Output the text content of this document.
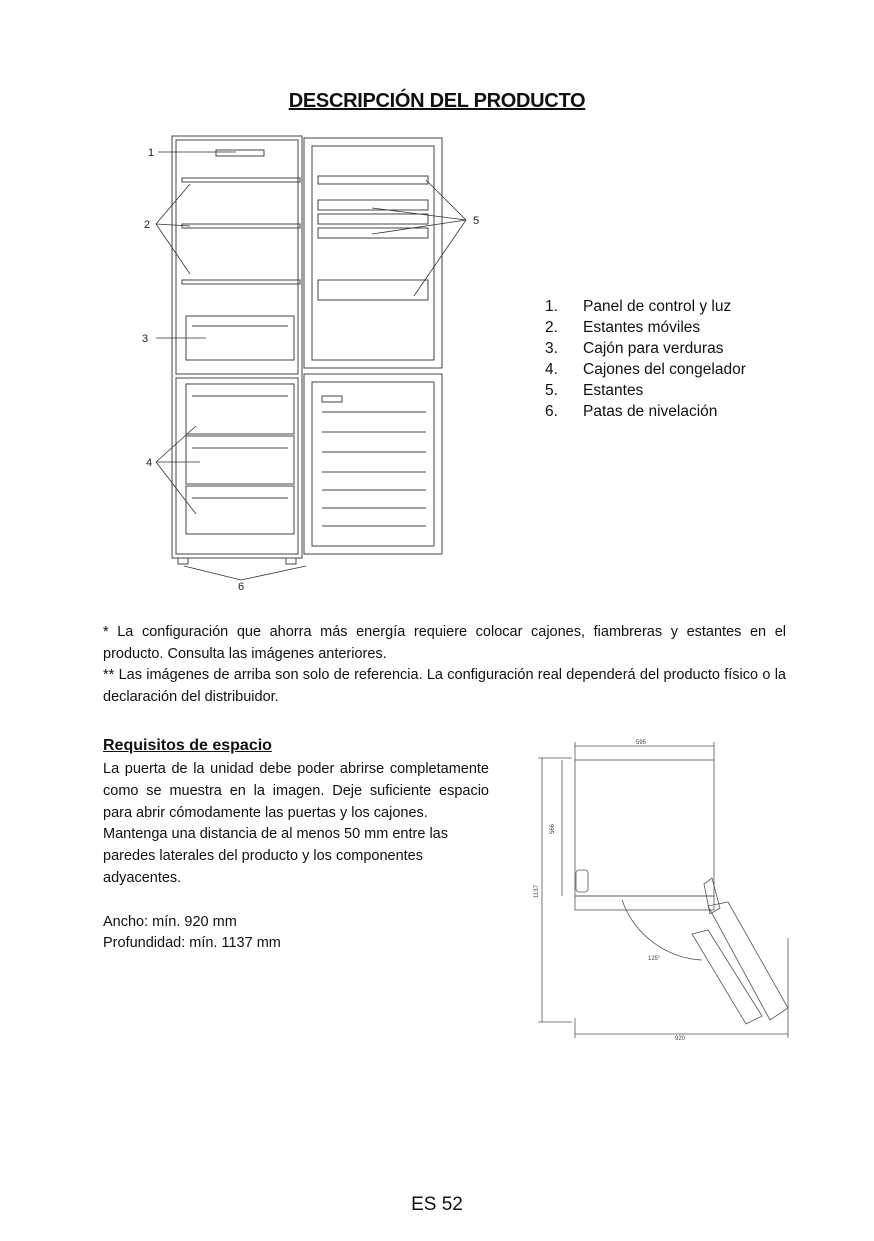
DESCRIPCIÓN DEL PRODUCTO
1
2
3
4
5
6
1.	Panel de control y luz
2.	Estantes móviles
3.	Cajón para verduras
4.	Cajones del congelador
5.	Estantes
6.	Patas de nivelación

* La configuración que ahorra más energía requiere colocar cajones, fiambreras y estantes en el producto. Consulta las imágenes anteriores.

** Las imágenes de arriba son solo de referencia. La configuración real dependerá del producto físico o la declaración del distribuidor.

Requisitos de espacio

La puerta de la unidad debe poder abrirse completamente como se muestra en la imagen. Deje suficiente espacio para abrir cómodamente las puertas y los cajones.

Mantenga una distancia de al menos 50 mm entre las paredes laterales del producto y los componentes adyacentes.

Ancho: mín. 920 mm

Profundidad: mín. 1137 mm

595
566
1137
125°
920
ES 52
